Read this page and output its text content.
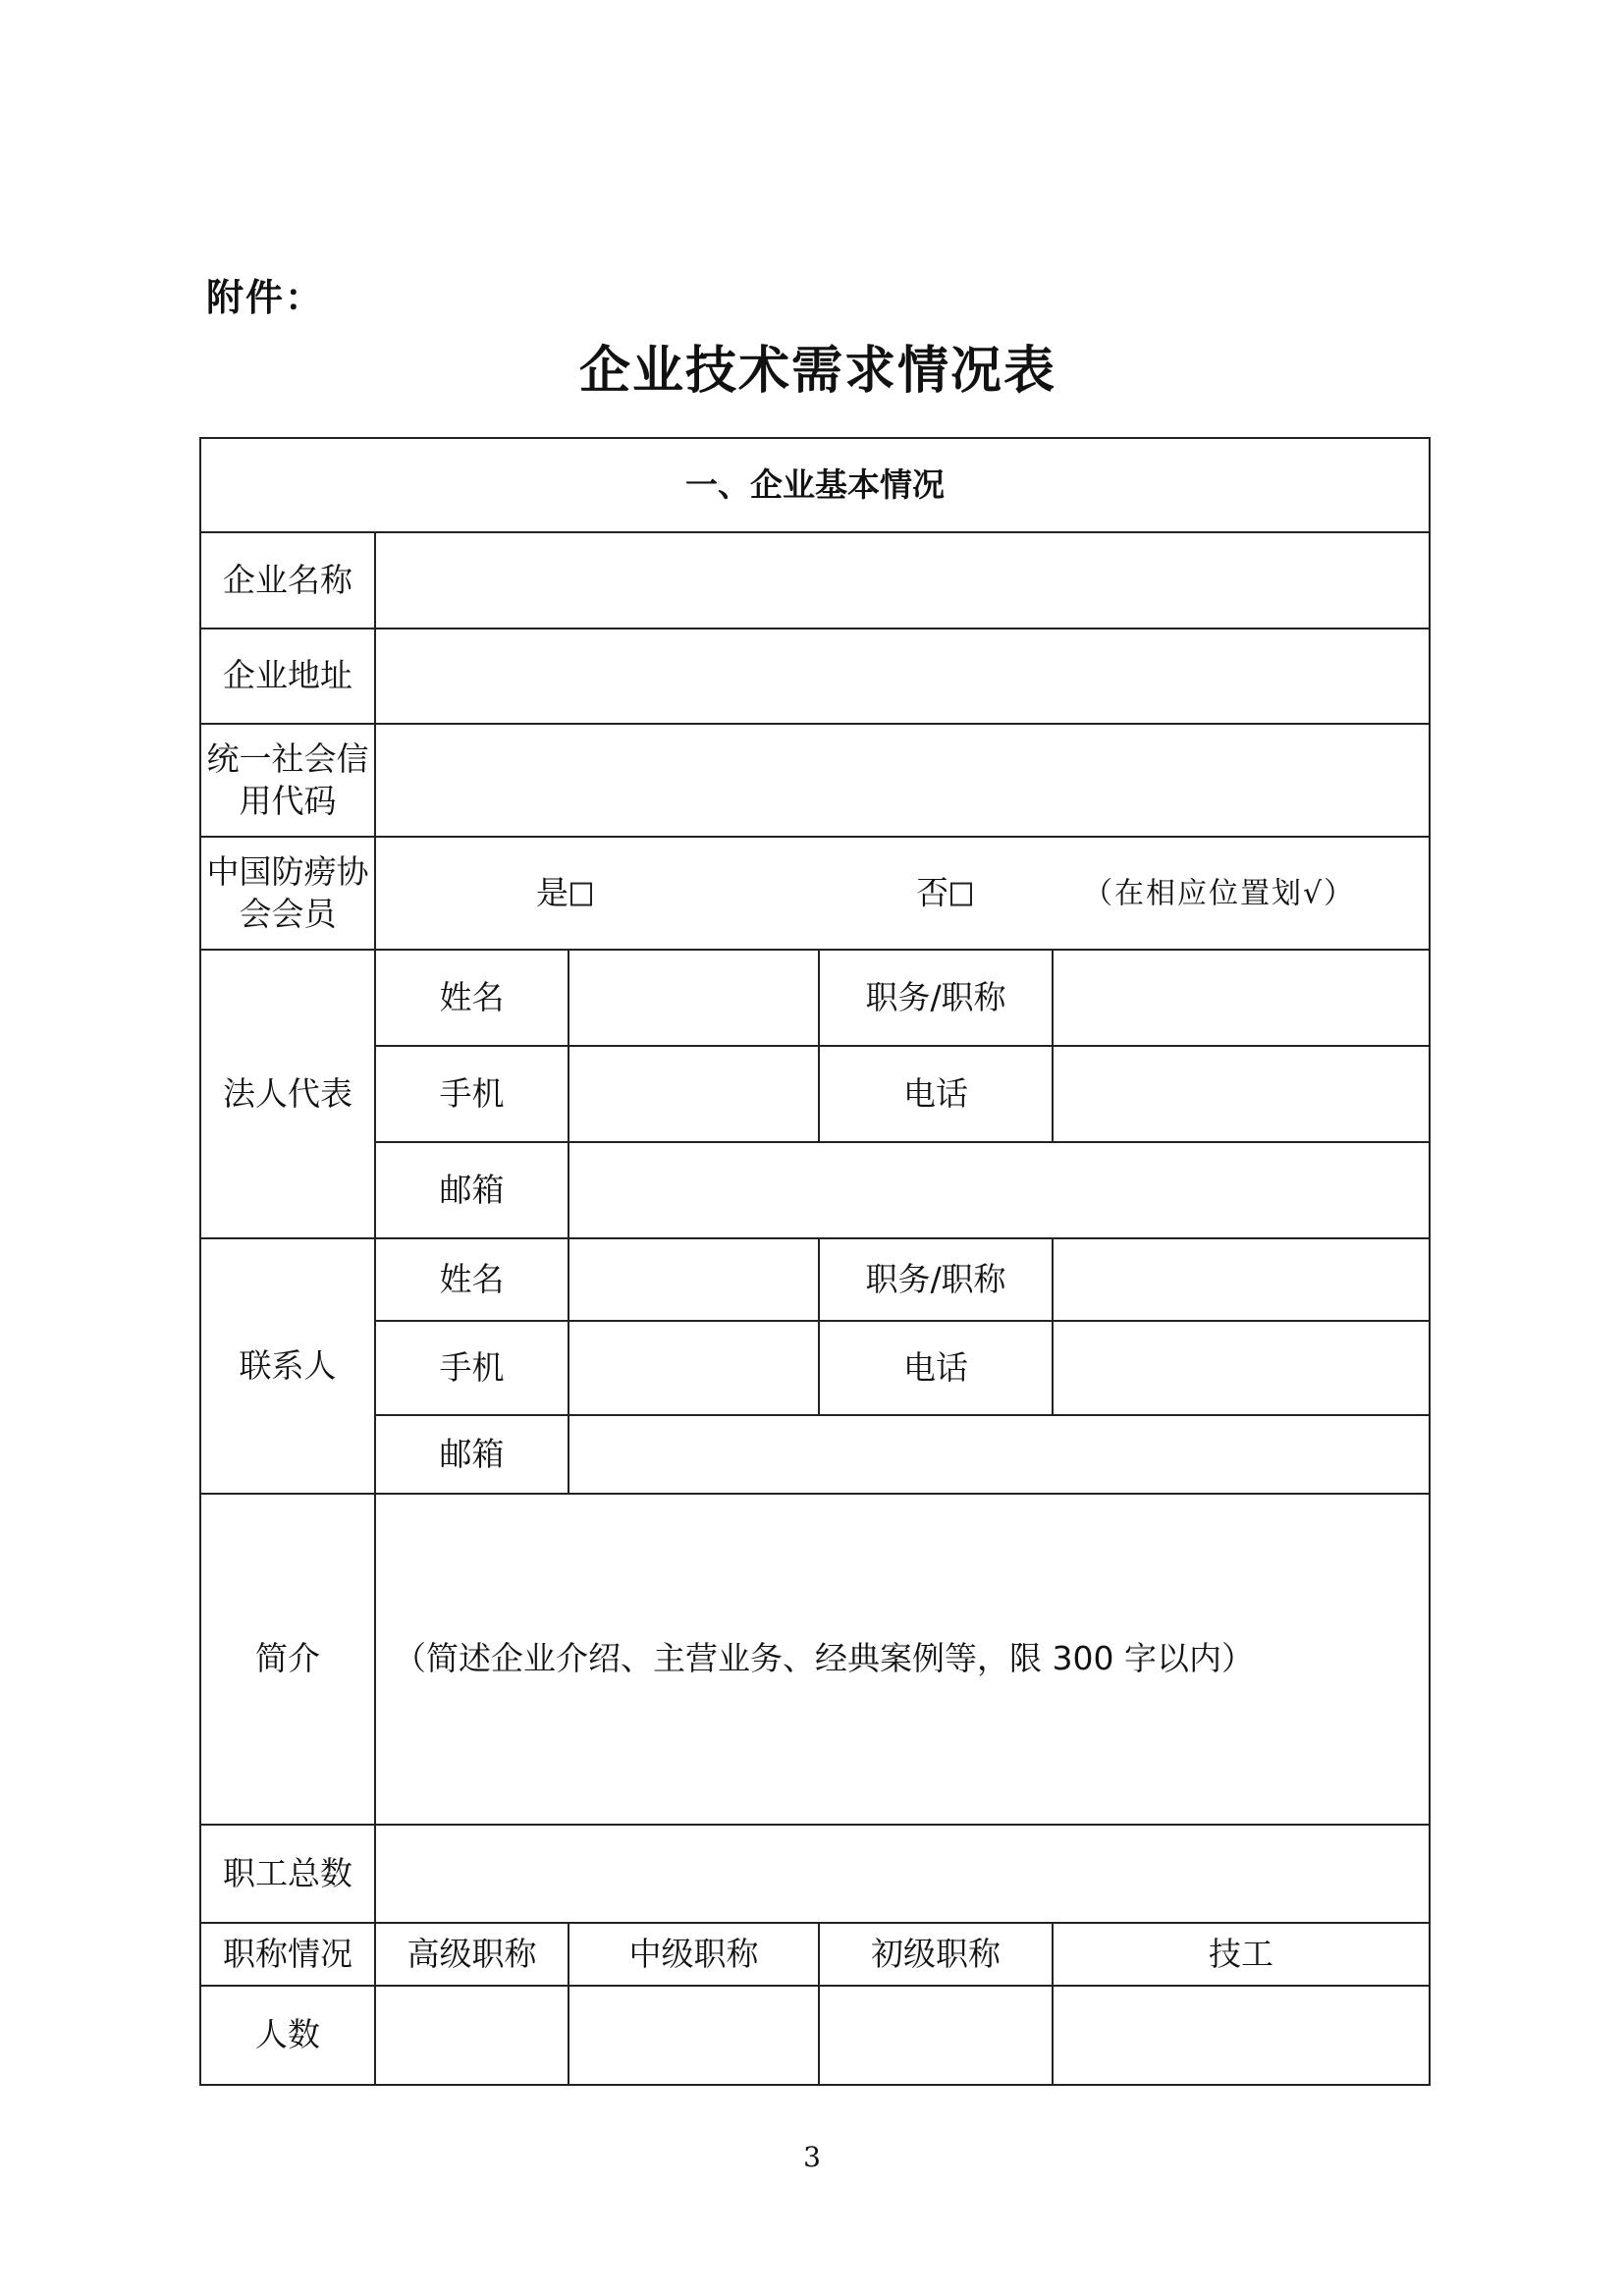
附件：
企业技术需求情况表
一、企业基本情况				
企业名称				
企业地址				
统一社会信用代码				
中国防痨协会会员	是 否 （在相应位置划√）			

法人代表	姓名		职务/职称	
	手机		电话	
	邮箱			
联系人	姓名		职务/职称	
	手机		电话	
	邮箱			
简介	（简述企业介绍、主营业务、经典案例等，限 300 字以内）			
职工总数				
职称情况	高级职称	中级职称	初级职称	技工
人数				
3
